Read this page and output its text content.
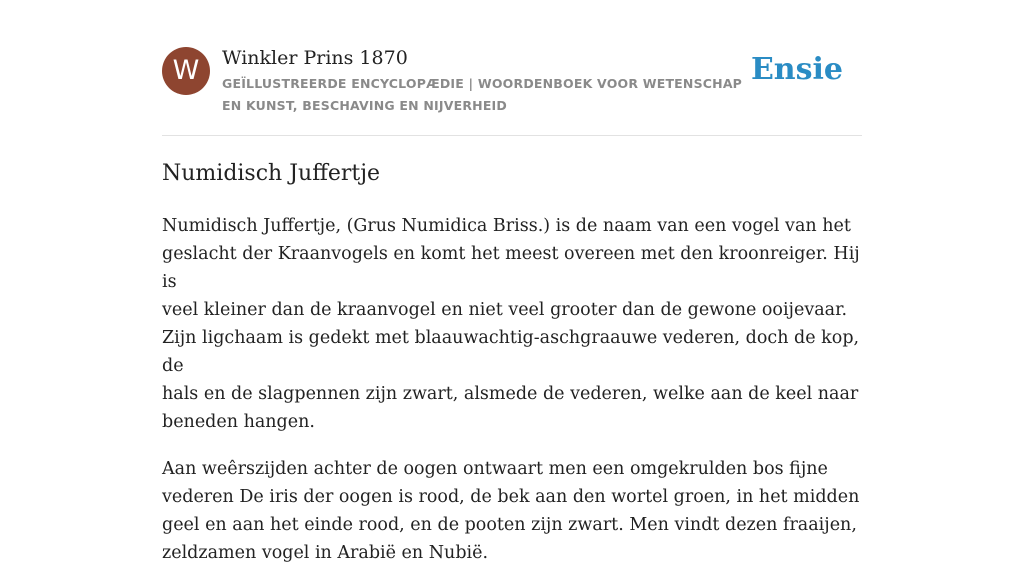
W	Winkler Prins 1870
GEÏLLUSTREERDE ENCYCLOPÆDIE | WOORDENBOEK VOOR WETENSCHAP EN KUNST, BESCHAVING EN NIJVERHEID
Ensie
Numidisch Juffertje

Numidisch Juffertje, (Grus Numidica Briss.) is de naam van een vogel van het
geslacht der Kraanvogels en komt het meest overeen met den kroonreiger. Hij is
veel kleiner dan de kraanvogel en niet veel grooter dan de gewone ooijevaar.
Zijn ligchaam is gedekt met blaauwachtig-aschgraauwe vederen, doch de kop, de
hals en de slagpennen zijn zwart, alsmede de vederen, welke aan de keel naar
beneden hangen.

Aan weêrszijden achter de oogen ontwaart men een omgekrulden bos fijne
vederen De iris der oogen is rood, de bek aan den wortel groen, in het midden
geel en aan het einde rood, en de pooten zijn zwart. Men vindt dezen fraaijen,
zeldzamen vogel in Arabië en Nubië.
